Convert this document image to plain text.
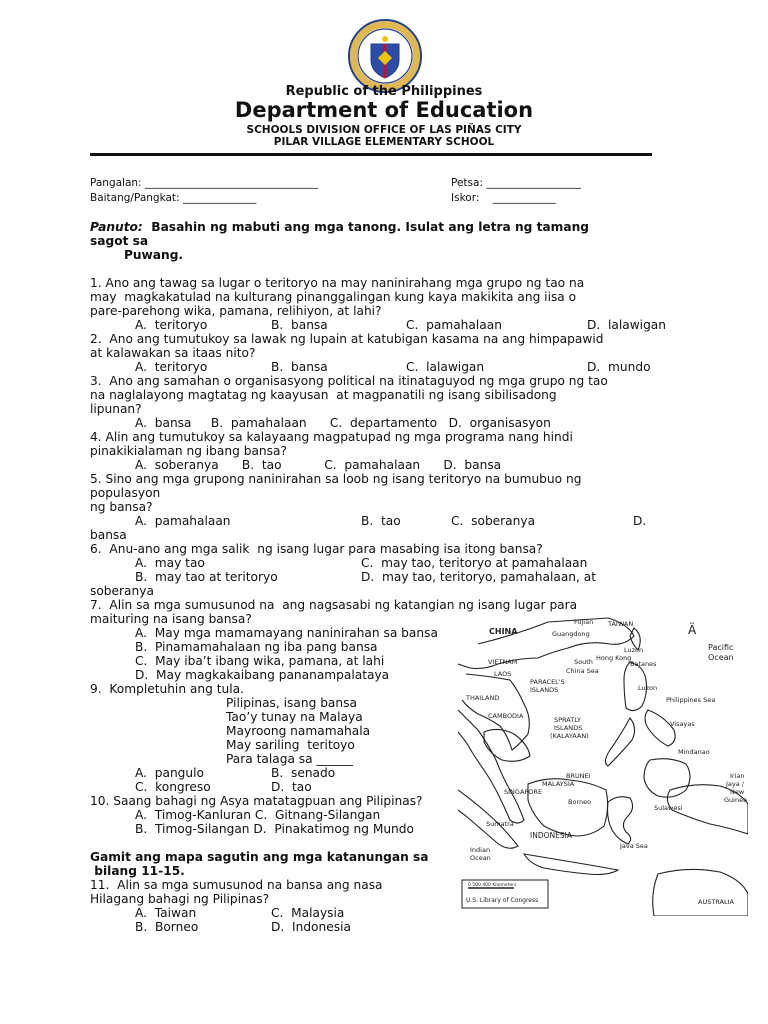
Republic of the Philippines
Department of Education
SCHOOLS DIVISION OFFICE OF LAS PIÑAS CITY
PILAR VILLAGE ELEMENTARY SCHOOL
Pangalan: _________________________________	Petsa: __________________
Baitang/Pangkat: ______________	Iskor:    ____________
Panuto:  Basahin ng mabuti ang mga tanong. Isulat ang letra ng tamang
sagot sa
Puwang.
1. Ano ang tawag sa lugar o teritoryo na may naninirahang mga grupo ng tao na
may  magkakatulad na kulturang pinanggalingan kung kaya makikita ang iisa o
pare-parehong wika, pamana, relihiyon, at lahi?
A.  teritoryo	B.  bansa	C.  pamahalaan	D.  lalawigan
2.  Ano ang tumutukoy sa lawak ng lupain at katubigan kasama na ang himpapawid
at kalawakan sa itaas nito?
A.  teritoryo	B.  bansa	C.  lalawigan	D.  mundo
3.  Ano ang samahan o organisasyong political na itinataguyod ng mga grupo ng tao
na naglalayong magtatag ng kaayusan  at magpanatili ng isang sibilisadong
lipunan?
A.  bansa     B.  pamahalaan      C.  departamento   D.  organisasyon
4. Alin ang tumutukoy sa kalayaang magpatupad ng mga programa nang hindi
pinakikialaman ng ibang bansa?
A.  soberanya      B.  tao           C.  pamahalaan      D.  bansa
5. Sino ang mga grupong naninirahan sa loob ng isang teritoryo na bumubuo ng
populasyon
ng bansa?
A.  pamahalaan	B.  tao	C.  soberanya	D.
bansa
6.  Anu-ano ang mga salik  ng isang lugar para masabing isa itong bansa?
A.  may tao	C.  may tao, teritoryo at pamahalaan
B.  may tao at teritoryo	D.  may tao, teritoryo, pamahalaan, at
soberanya
7.  Alin sa mga sumusunod na  ang nagsasabi ng katangian ng isang lugar para
maituring na isang bansa?
CHINA
TAIWAN
Fujian
Guangdong
Luzon
Hong Kong
Batanes
Luzon
South
China Sea
Pacific
Ocean
Ä
VIETNAM
LAOS
PARACEL'S
ISLANDS
THAILAND
CAMBODIA	SPRATLY
ISLANDS
(KALAYAAN)
Philippines Sea
Visayas
Mindanao
BRUNEI
MALAYSIA
SINGAPORE
Borneo
Sulawesi
INDONESIA
Sumatra
Java Sea
Irian
Jaya /
New
Guinea
Indian
Ocean
AUSTRALIA
0 500 400 Kilometers
U.S. Library of Congress
A.  May mga mamamayang naninirahan sa bansa
B.  Pinamamahalaan ng iba pang bansa
C.  May iba’t ibang wika, pamana, at lahi
D.  May magkakaibang pananampalataya
9.  Kompletuhin ang tula.
Pilipinas, isang bansa
Tao’y tunay na Malaya
Mayroong namamahala
May sariling  teritoyo
Para talaga sa ______
A.  pangulo	B.  senado
C.  kongreso	D.  tao
10. Saang bahagi ng Asya matatagpuan ang Pilipinas?
A.  Timog-Kanluran C.  Gitnang-Silangan
B.  Timog-Silangan D.  Pinakatimog ng Mundo
Gamit ang mapa sagutin ang mga katanungan sa
bilang 11-15.
11.  Alin sa mga sumusunod na bansa ang nasa
Hilagang bahagi ng Pilipinas?
A.  Taiwan	C.  Malaysia
B.  Borneo	D.  Indonesia
